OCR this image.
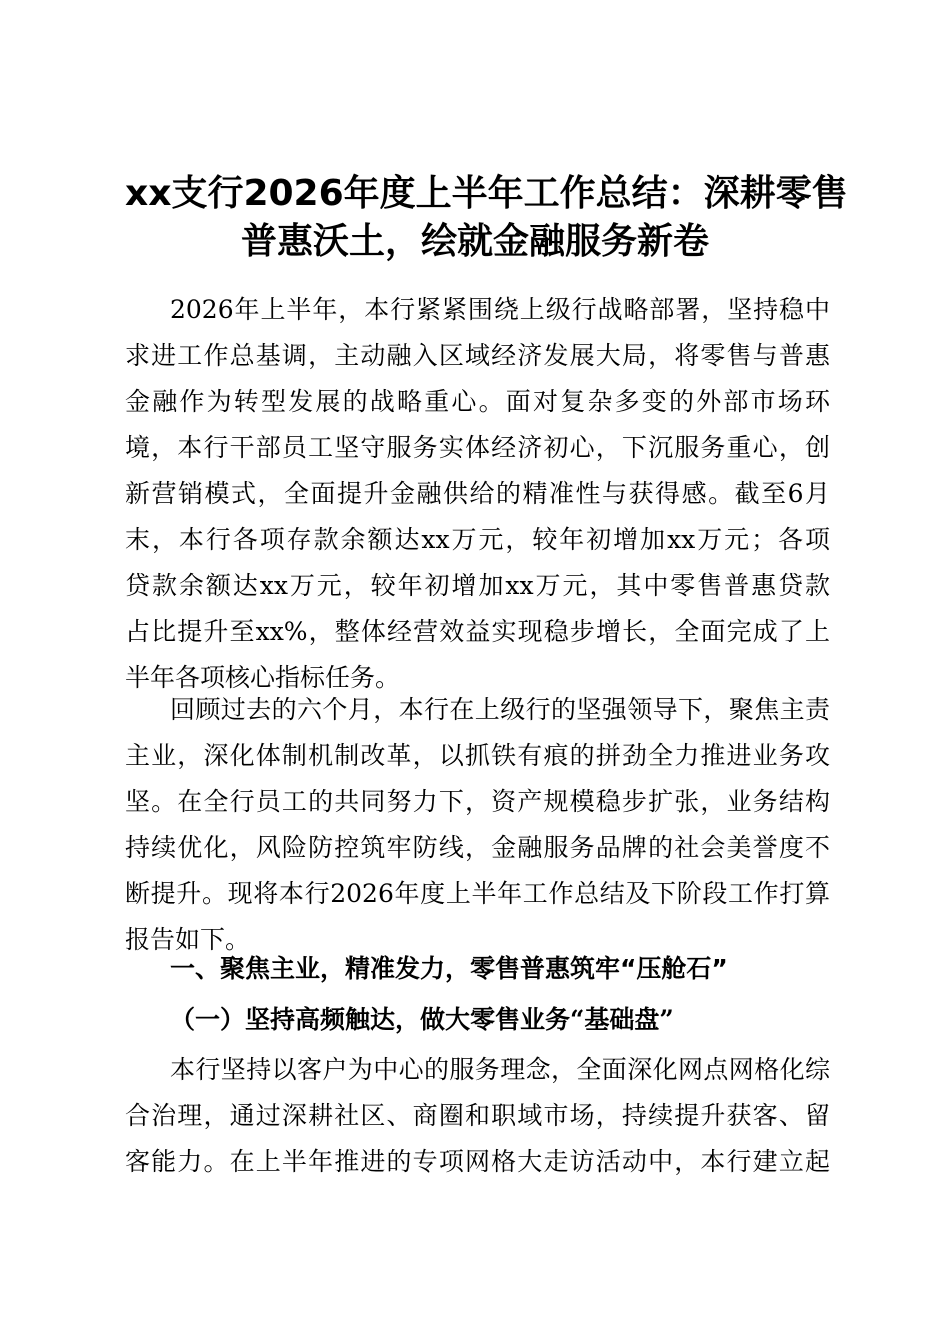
xx支行2026年度上半年工作总结：深耕零售
普惠沃土，绘就金融服务新卷
2026年上半年，本行紧紧围绕上级行战略部署，坚持稳中
求进工作总基调，主动融入区域经济发展大局，将零售与普惠
金融作为转型发展的战略重心。面对复杂多变的外部市场环
境，本行干部员工坚守服务实体经济初心，下沉服务重心，创
新营销模式，全面提升金融供给的精准性与获得感。截至6月
末，本行各项存款余额达xx万元，较年初增加xx万元；各项
贷款余额达xx万元，较年初增加xx万元，其中零售普惠贷款
占比提升至xx%，整体经营效益实现稳步增长，全面完成了上
半年各项核心指标任务。
回顾过去的六个月，本行在上级行的坚强领导下，聚焦主责
主业，深化体制机制改革，以抓铁有痕的拼劲全力推进业务攻
坚。在全行员工的共同努力下，资产规模稳步扩张，业务结构
持续优化，风险防控筑牢防线，金融服务品牌的社会美誉度不
断提升。现将本行2026年度上半年工作总结及下阶段工作打算
报告如下。
一、聚焦主业，精准发力，零售普惠筑牢“压舱石”
（一）坚持高频触达，做大零售业务“基础盘”
本行坚持以客户为中心的服务理念，全面深化网点网格化综
合治理，通过深耕社区、商圈和职域市场，持续提升获客、留
客能力。在上半年推进的专项网格大走访活动中，本行建立起
